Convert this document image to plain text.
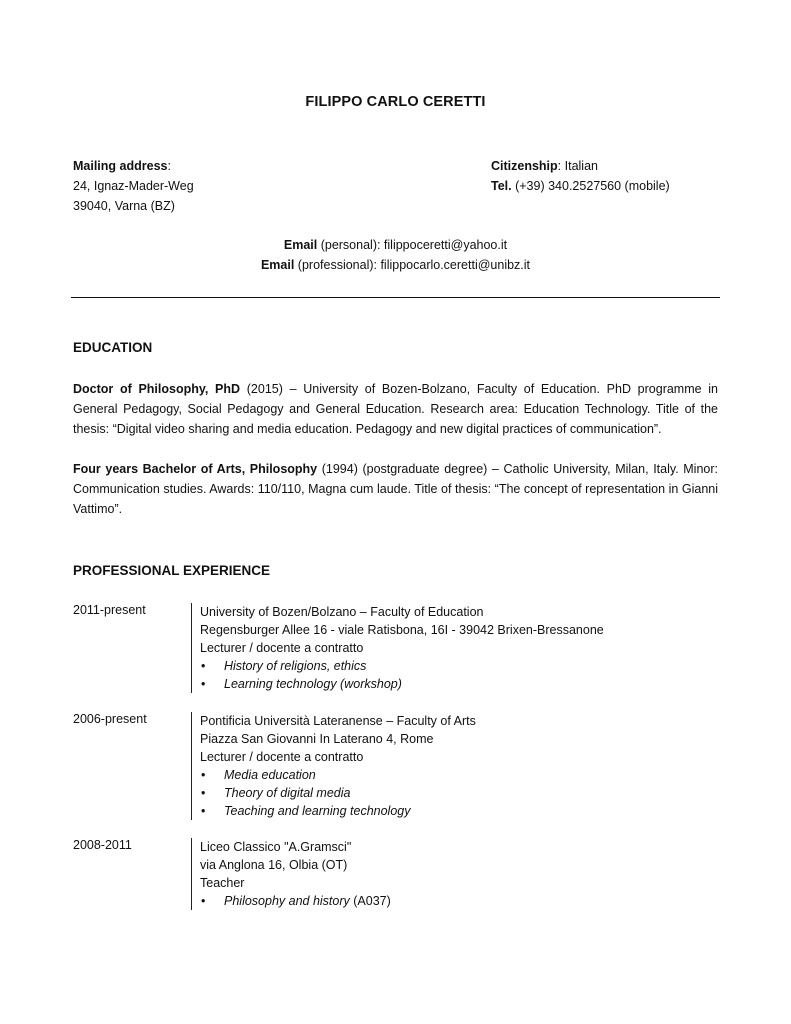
FILIPPO CARLO CERETTI
Mailing address:
24, Ignaz-Mader-Weg
39040, Varna (BZ)
Citizenship: Italian
Tel. (+39) 340.2527560 (mobile)
Email (personal): filippoceretti@yahoo.it
Email (professional): filippocarlo.ceretti@unibz.it
EDUCATION
Doctor of Philosophy, PhD (2015) – University of Bozen-Bolzano, Faculty of Education. PhD programme in General Pedagogy, Social Pedagogy and General Education. Research area: Education Technology. Title of the thesis: “Digital video sharing and media education. Pedagogy and new digital practices of communication”.
Four years Bachelor of Arts, Philosophy (1994) (postgraduate degree) – Catholic University, Milan, Italy. Minor: Communication studies. Awards: 110/110, Magna cum laude. Title of thesis: “The concept of representation in Gianni Vattimo”.
PROFESSIONAL EXPERIENCE
2011-present	University of Bozen/Bolzano – Faculty of Education
Regensburger Allee 16 - viale Ratisbona, 16I - 39042 Brixen-Bressanone
Lecturer / docente a contratto
•	History of religions, ethics
•	Learning technology (workshop)
2006-present	Pontificia Università Lateranense – Faculty of Arts
Piazza San Giovanni In Laterano 4, Rome
Lecturer / docente a contratto
•	Media education
•	Theory of digital media
•	Teaching and learning technology
2008-2011	Liceo Classico "A.Gramsci"
via Anglona 16, Olbia (OT)
Teacher
•	Philosophy and history (A037)
